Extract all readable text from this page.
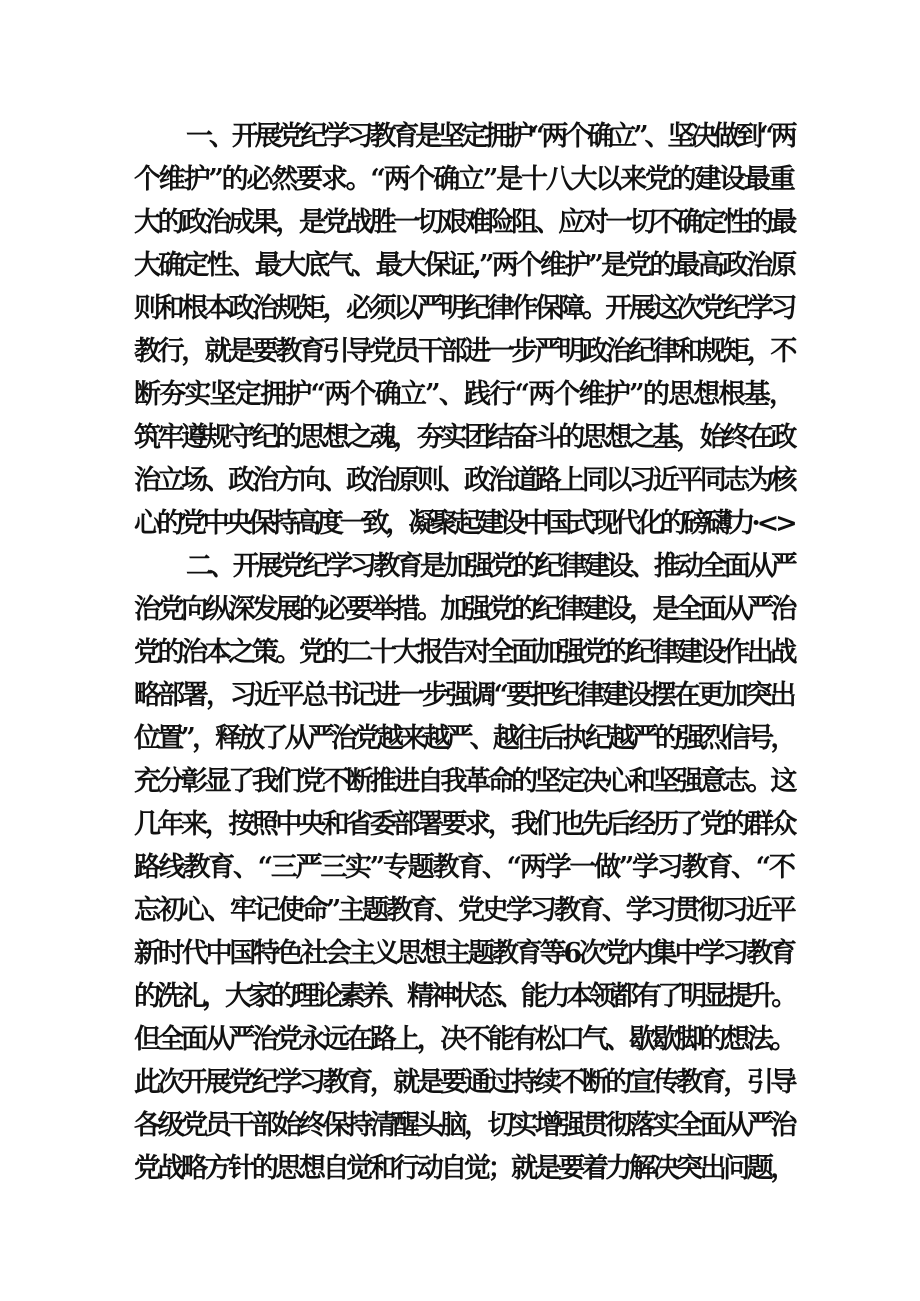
一、开展党纪学习教育是坚定拥护“两个确立”、坚决做到“两
个维护”的必然要求。“两个确立”是十八大以来党的建设最重
大的政治成果，是党战胜一切艰难险阻、应对一切不确定性的最
大确定性、最大底气、最大保证,”两个维护”是党的最高政治原
则和根本政治规矩，必须以严明纪律作保障。开展这次党纪学习
教行，就是要教育引导党员干部进一步严明政治纪律和规矩，不
断夯实坚定拥护“两个确立”、践行“两个维护”的思想根基，
筑牢遵规守纪的思想之魂，夯实团结奋斗的思想之基，始终在政
治立场、政治方向、政治原则、政治道路上同以习近平同志为核
心的党中央保持高度一致，凝聚起建设中国式现代化的磅礴力·<>
二、开展党纪学习教育是加强党的纪律建设、推动全面从严
治党向纵深发展的必要举措。加强党的纪律建设，是全面从严治
党的治本之策。党的二十大报告对全面加强党的纪律建设作出战
略部署，习近平总书记进一步强调“要把纪律建设摆在更加突出
位置”，释放了从严治党越来越严、越往后执纪越严的强烈信号，
充分彰显了我们党不断推进自我革命的坚定决心和坚强意志。这
几年来，按照中央和省委部署要求，我们也先后经历了党的群众
路线教育、“三严三实”专题教育、“两学一做”学习教育、“不
忘初心、牢记使命”主题教育、党史学习教育、学习贯彻习近平
新时代中国特色社会主义思想主题教育等6次党内集中学习教育
的洗礼，大家的理论素养、精神状态、能力本领都有了明显提升。
但全面从严治党永远在路上，决不能有松口气、歇歇脚的想法。
此次开展党纪学习教育，就是要通过持续不断的宣传教育，引导
各级党员干部始终保持清醒头脑，切实增强贯彻落实全面从严治
党战略方针的思想自觉和行动自觉；就是要着力解决突出问题，
